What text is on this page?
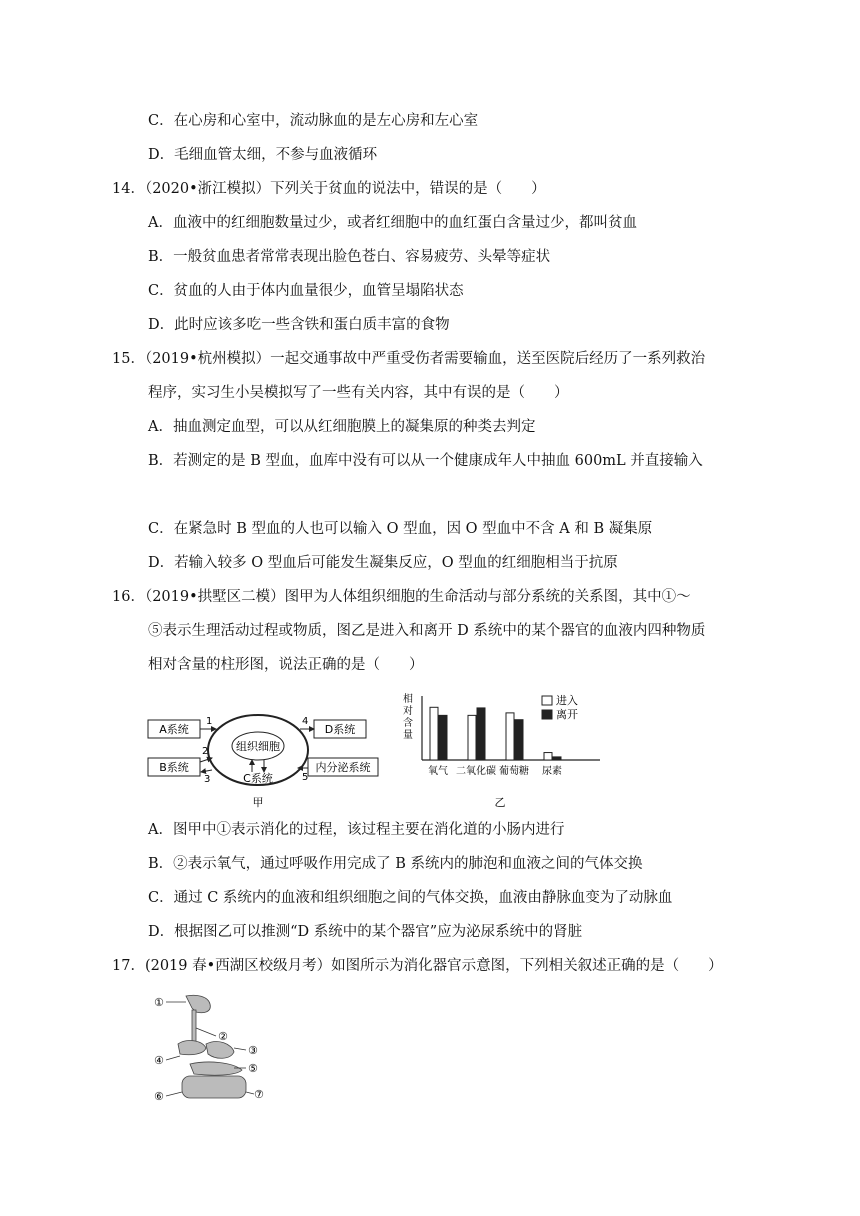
C．在心房和心室中，流动脉血的是左心房和左心室
D．毛细血管太细，不参与血液循环
14．（2020•浙江模拟）下列关于贫血的说法中，错误的是（　　）
A．血液中的红细胞数量过少，或者红细胞中的血红蛋白含量过少，都叫贫血
B．一般贫血患者常常表现出脸色苍白、容易疲劳、头晕等症状
C．贫血的人由于体内血量很少，血管呈塌陷状态
D．此时应该多吃一些含铁和蛋白质丰富的食物
15．（2019•杭州模拟）一起交通事故中严重受伤者需要输血，送至医院后经历了一系列救治
程序，实习生小吴模拟写了一些有关内容，其中有误的是（　　）
A．抽血测定血型，可以从红细胞膜上的凝集原的种类去判定
B．若测定的是 B 型血，血库中没有可以从一个健康成年人中抽血 600mL 并直接输入
C．在紧急时 B 型血的人也可以输入 O 型血，因 O 型血中不含 A 和 B 凝集原
D．若输入较多 O 型血后可能发生凝集反应，O 型血的红细胞相当于抗原
16．（2019•拱墅区二模）图甲为人体组织细胞的生命活动与部分系统的关系图，其中①～
⑤表示生理活动过程或物质，图乙是进入和离开 D 系统中的某个器官的血液内四种物质
相对含量的柱形图，说法正确的是（　　）
A系统
B系统
D系统
内分泌系统
组织细胞
C系统
1
2
3
4
5
甲
相
对
含
量
氧气 二氧化碳 葡萄糖 尿素
进入
离开
乙
A．图甲中①表示消化的过程，该过程主要在消化道的小肠内进行
B．②表示氧气，通过呼吸作用完成了 B 系统内的肺泡和血液之间的气体交换
C．通过 C 系统内的血液和组织细胞之间的气体交换，血液由静脉血变为了动脉血
D．根据图乙可以推测“D 系统中的某个器官”应为泌尿系统中的肾脏
17．(2019 春•西湖区校级月考）如图所示为消化器官示意图，下列相关叙述正确的是（　　）
①
②
③
④
⑤
⑥	⑦
